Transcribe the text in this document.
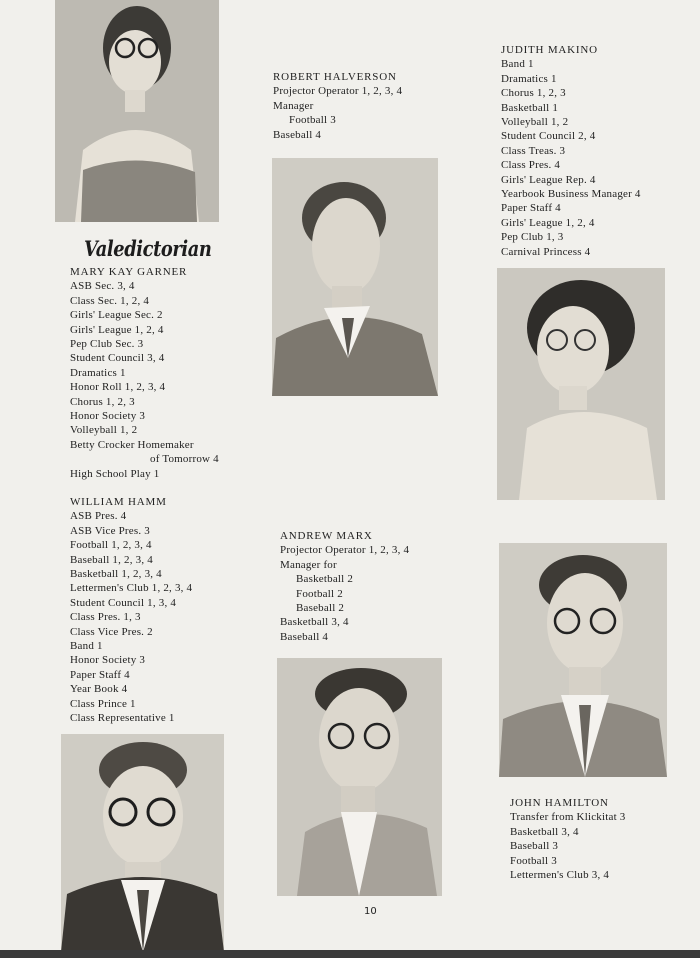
Valedictorian
MARY KAY GARNER
ASB Sec. 3, 4
Class Sec. 1, 2, 4
Girls' League Sec. 2
Girls' League 1, 2, 4
Pep Club Sec. 3
Student Council 3, 4
Dramatics 1
Honor Roll 1, 2, 3, 4
Chorus 1, 2, 3
Honor Society 3
Volleyball 1, 2
Betty Crocker Homemaker
of Tomorrow 4
High School Play 1
WILLIAM HAMM
ASB Pres. 4
ASB Vice Pres. 3
Football 1, 2, 3, 4
Baseball 1, 2, 3, 4
Basketball 1, 2, 3, 4
Lettermen's Club 1, 2, 3, 4
Student Council 1, 3, 4
Class Pres. 1, 3
Class Vice Pres. 2
Band 1
Honor Society 3
Paper Staff 4
Year Book 4
Class Prince 1
Class Representative 1
ROBERT HALVERSON
Projector Operator 1, 2, 3, 4
Manager
Football 3
Baseball 4
ANDREW MARX
Projector Operator 1, 2, 3, 4
Manager for
Basketball 2
Football 2
Baseball 2
Basketball 3, 4
Baseball 4
JUDITH MAKINO
Band 1
Dramatics 1
Chorus 1, 2, 3
Basketball 1
Volleyball 1, 2
Student Council 2, 4
Class Treas. 3
Class Pres. 4
Girls' League Rep. 4
Yearbook Business Manager 4
Paper Staff 4
Girls' League 1, 2, 4
Pep Club 1, 3
Carnival Princess 4
JOHN HAMILTON
Transfer from Klickitat 3
Basketball 3, 4
Baseball 3
Football 3
Lettermen's Club 3, 4
10
